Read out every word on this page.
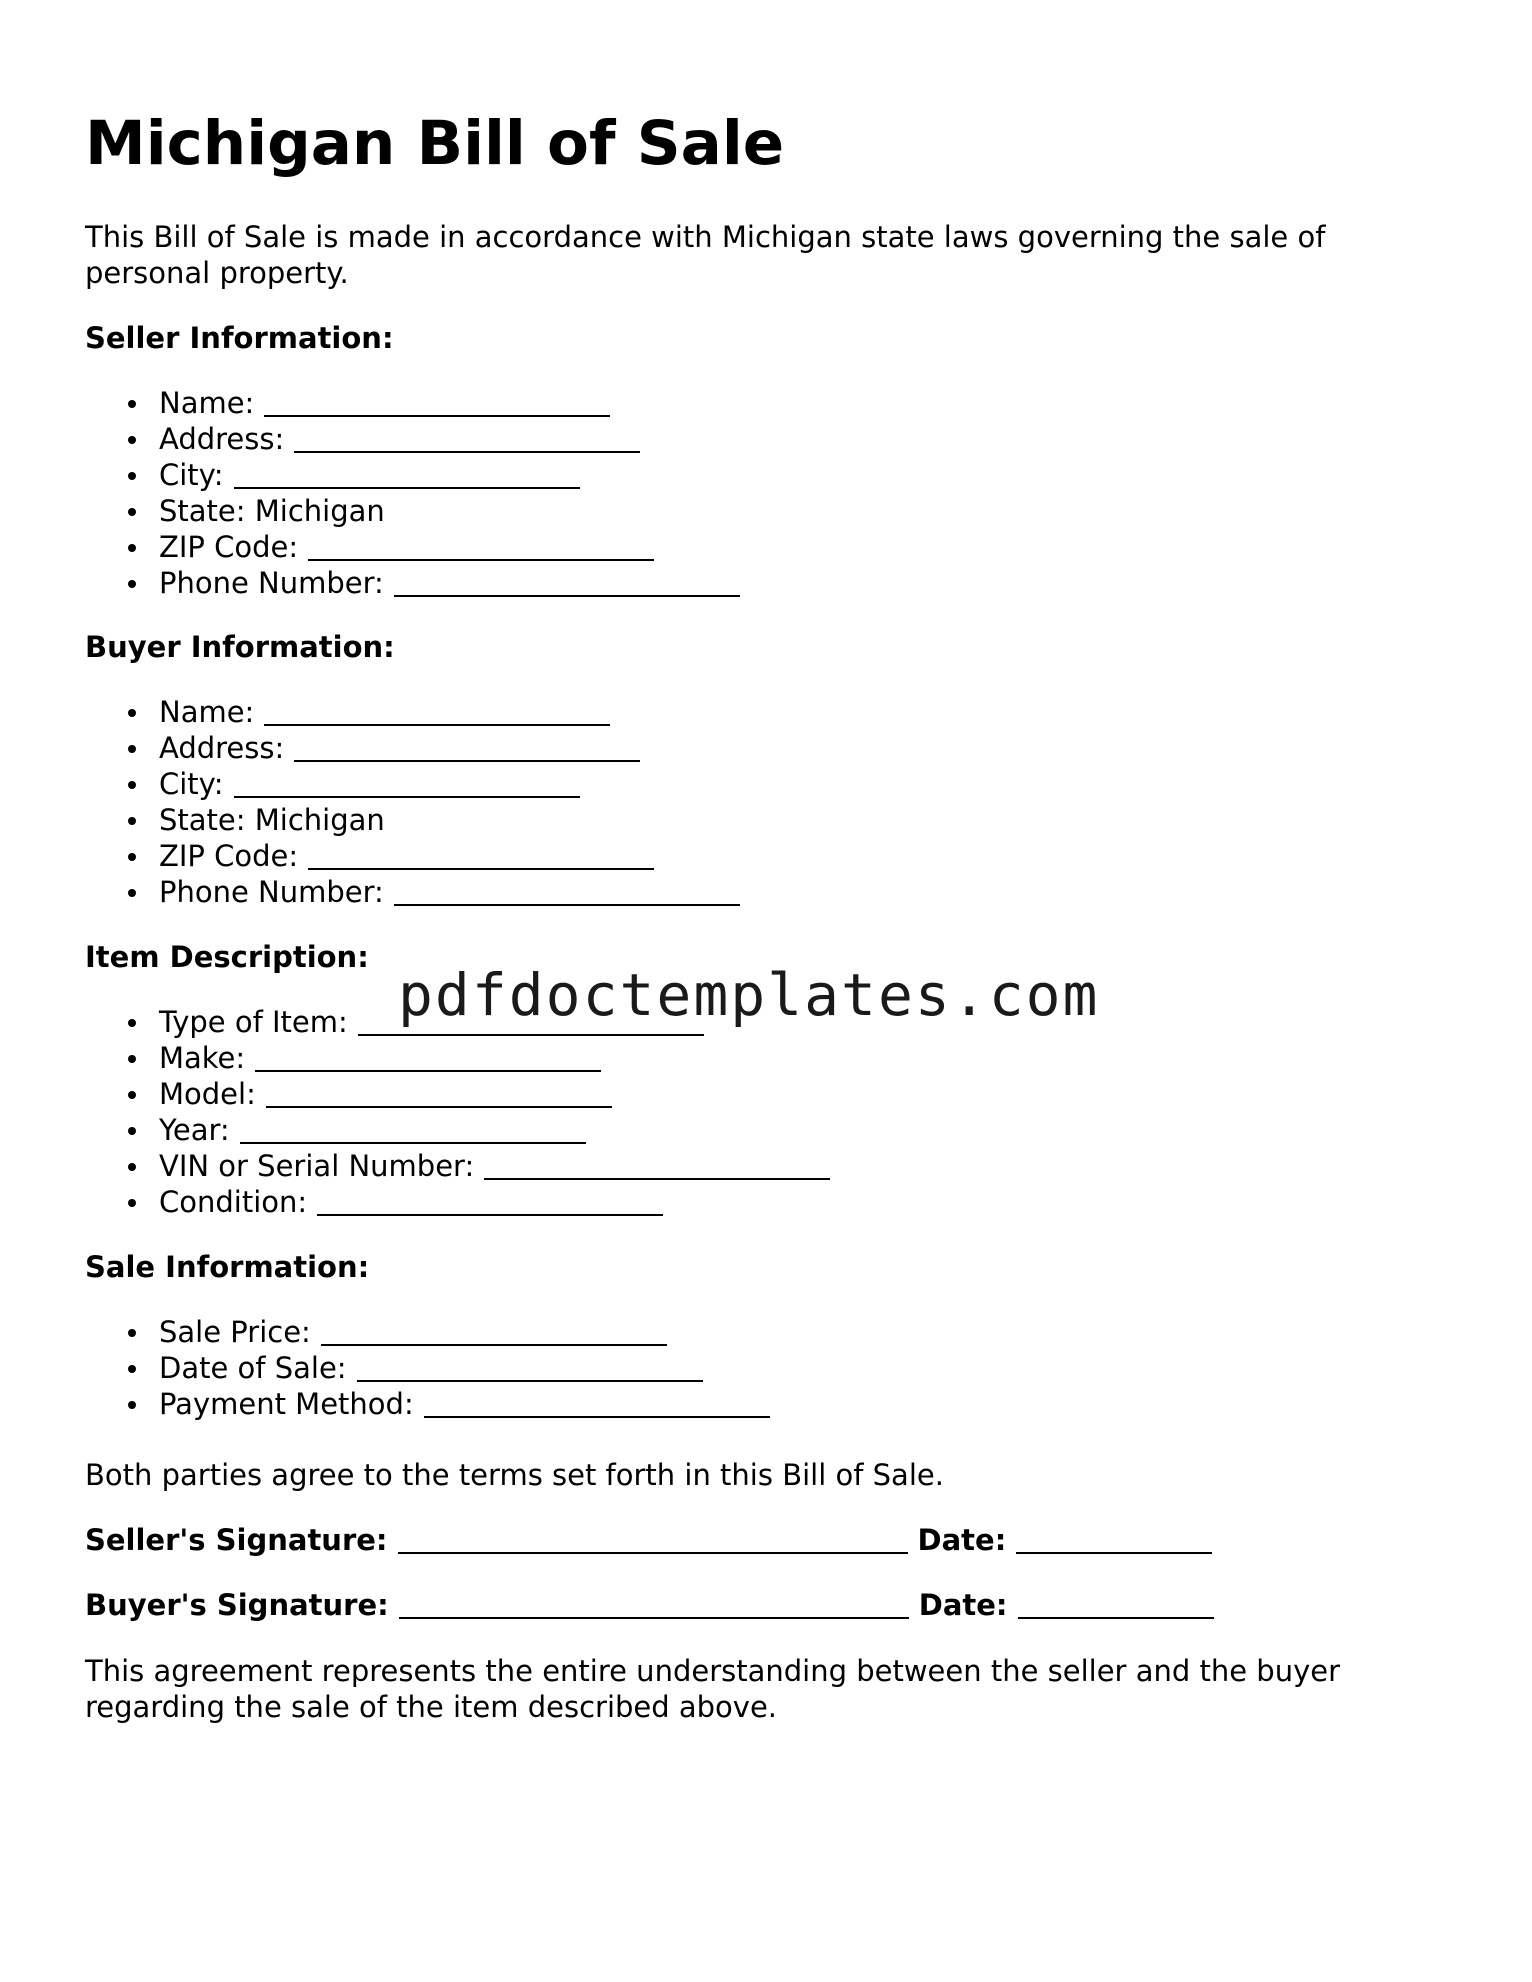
Michigan Bill of Sale

This Bill of Sale is made in accordance with Michigan state laws governing the sale of personal property.

Seller Information:

Name:
Address:
City:
State: Michigan
ZIP Code:
Phone Number:

Buyer Information:

Name:
Address:
City:
State: Michigan
ZIP Code:
Phone Number:

Item Description:

Type of Item:
Make:
Model:
Year:
VIN or Serial Number:
Condition:

Sale Information:

Sale Price:
Date of Sale:
Payment Method:

Both parties agree to the terms set forth in this Bill of Sale.

Seller's Signature:	Date:
Buyer's Signature:	Date:

This agreement represents the entire understanding between the seller and the buyer regarding the sale of the item described above.

pdfdoctemplates.com
